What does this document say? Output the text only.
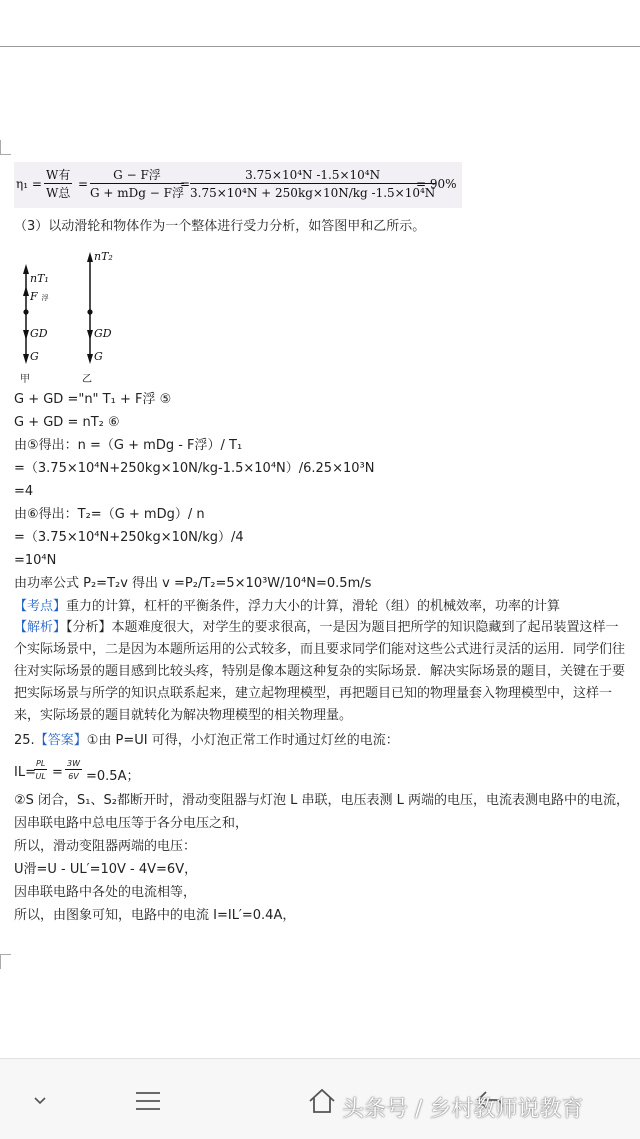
η₁ =
W有
W总
=
G − F浮
G + mDg − F浮
= $\frac{\text{3.75×10⁴N -1.5×10⁴N}}{\text{3.75×10⁴N + 250kg×10N/kg -1.5×10⁴N}}$
= 90%
（3）以动滑轮和物体作为一个整体进行受力分析，如答图甲和乙所示。
nT₁
F浮
GD
G
甲
nT₂
GD
G
乙
G + GD ="n" T₁ + F浮 ⑤
G + GD = nT₂ ⑥
由⑤得出：n =（G + mDg - F浮）/ T₁
=（3.75×10⁴N+250kg×10N/kg-1.5×10⁴N）/6.25×10³N
=4
由⑥得出：T₂=（G + mDg）/ n
=（3.75×10⁴N+250kg×10N/kg）/4
=10⁴N
由功率公式 P₂=T₂v 得出 v =P₂/T₂=5×10³W/10⁴N=0.5m/s
【考点】重力的计算，杠杆的平衡条件，浮力大小的计算，滑轮（组）的机械效率，功率的计算
【解析】【分析】本题难度很大，对学生的要求很高，一是因为题目把所学的知识隐藏到了起吊装置这样一个实际场景中，二是因为本题所运用的公式较多，而且要求同学们能对这些公式进行灵活的运用．同学们往往对实际场景的题目感到比较头疼，特别是像本题这种复杂的实际场景．解决实际场景的题目，关键在于要把实际场景与所学的知识点联系起来，建立起物理模型，再把题目已知的物理量套入物理模型中，这样一来，实际场景的题目就转化为解决物理模型的相关物理量。
25.【答案】①由 P=UI 可得，小灯泡正常工作时通过灯丝的电流：
IL=
$\frac{PL}{UL} = \frac{3W}{6V} =0.5A$；
②S 闭合，S₁、S₂都断开时，滑动变阻器与灯泡 L 串联，电压表测 L 两端的电压，电流表测电路中的电流，
因串联电路中总电压等于各分电压之和，
所以，滑动变阻器两端的电压：
U滑=U - UL′=10V - 4V=6V，
因串联电路中各处的电流相等，
所以，由图象可知，电路中的电流 I=IL′=0.4A，
头条号 / 乡村教师说教育
